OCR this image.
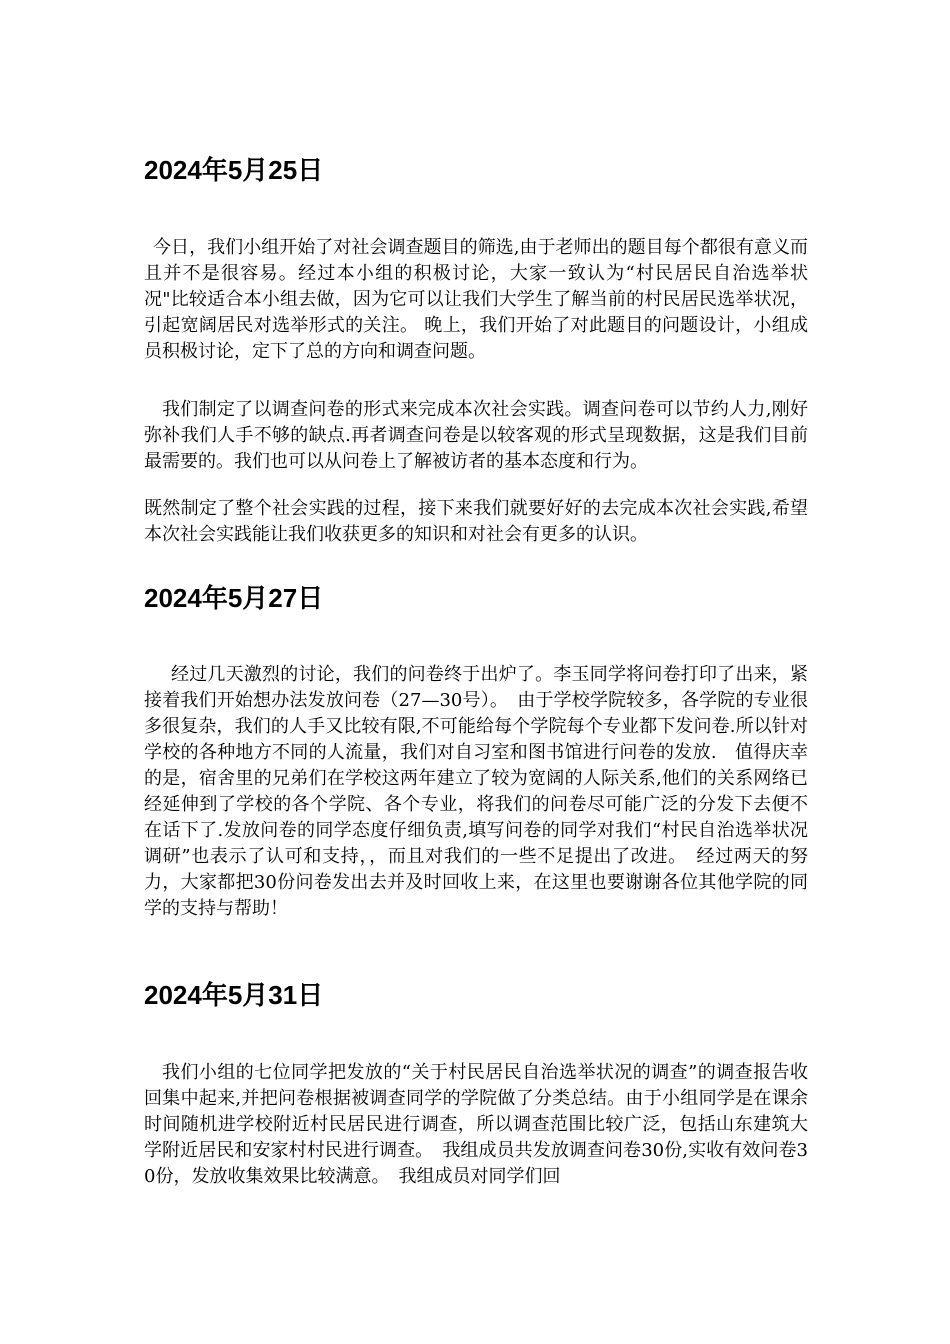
2024年5月25日

今日，我们小组开始了对社会调查题目的筛选,由于老师出的题目每个都很有意义而且并不是很容易。经过本小组的积极讨论，大家一致认为“村民居民自治选举状况"比较适合本小组去做，因为它可以让我们大学生了解当前的村民居民选举状况，引起宽阔居民对选举形式的关注。 晚上，我们开始了对此题目的问题设计，小组成员积极讨论，定下了总的方向和调查问题。

我们制定了以调查问卷的形式来完成本次社会实践。调查问卷可以节约人力,刚好弥补我们人手不够的缺点.再者调查问卷是以较客观的形式呈现数据，这是我们目前最需要的。我们也可以从问卷上了解被访者的基本态度和行为。

既然制定了整个社会实践的过程，接下来我们就要好好的去完成本次社会实践,希望本次社会实践能让我们收获更多的知识和对社会有更多的认识。

2024年5月27日

经过几天激烈的讨论，我们的问卷终于出炉了。李玉同学将问卷打印了出来，紧接着我们开始想办法发放问卷（27—30号）。　由于学校学院较多，各学院的专业很多很复杂，我们的人手又比较有限,不可能给每个学院每个专业都下发问卷.所以针对学校的各种地方不同的人流量，我们对自习室和图书馆进行问卷的发放.　值得庆幸的是，宿舍里的兄弟们在学校这两年建立了较为宽阔的人际关系,他们的关系网络已经延伸到了学校的各个学院、各个专业，将我们的问卷尽可能广泛的分发下去便不在话下了.发放问卷的同学态度仔细负责,填写问卷的同学对我们“村民自治选举状况调研”也表示了认可和支持，，而且对我们的一些不足提出了改进。　经过两天的努力，大家都把30份问卷发出去并及时回收上来，在这里也要谢谢各位其他学院的同学的支持与帮助！

2024年5月31日

我们小组的七位同学把发放的“关于村民居民自治选举状况的调查”的调查报告收回集中起来,并把问卷根据被调查同学的学院做了分类总结。由于小组同学是在课余时间随机进学校附近村民居民进行调查，所以调查范围比较广泛，包括山东建筑大学附近居民和安家村村民进行调查。　我组成员共发放调查问卷30份,实收有效问卷30份，发放收集效果比较满意。　我组成员对同学们回
